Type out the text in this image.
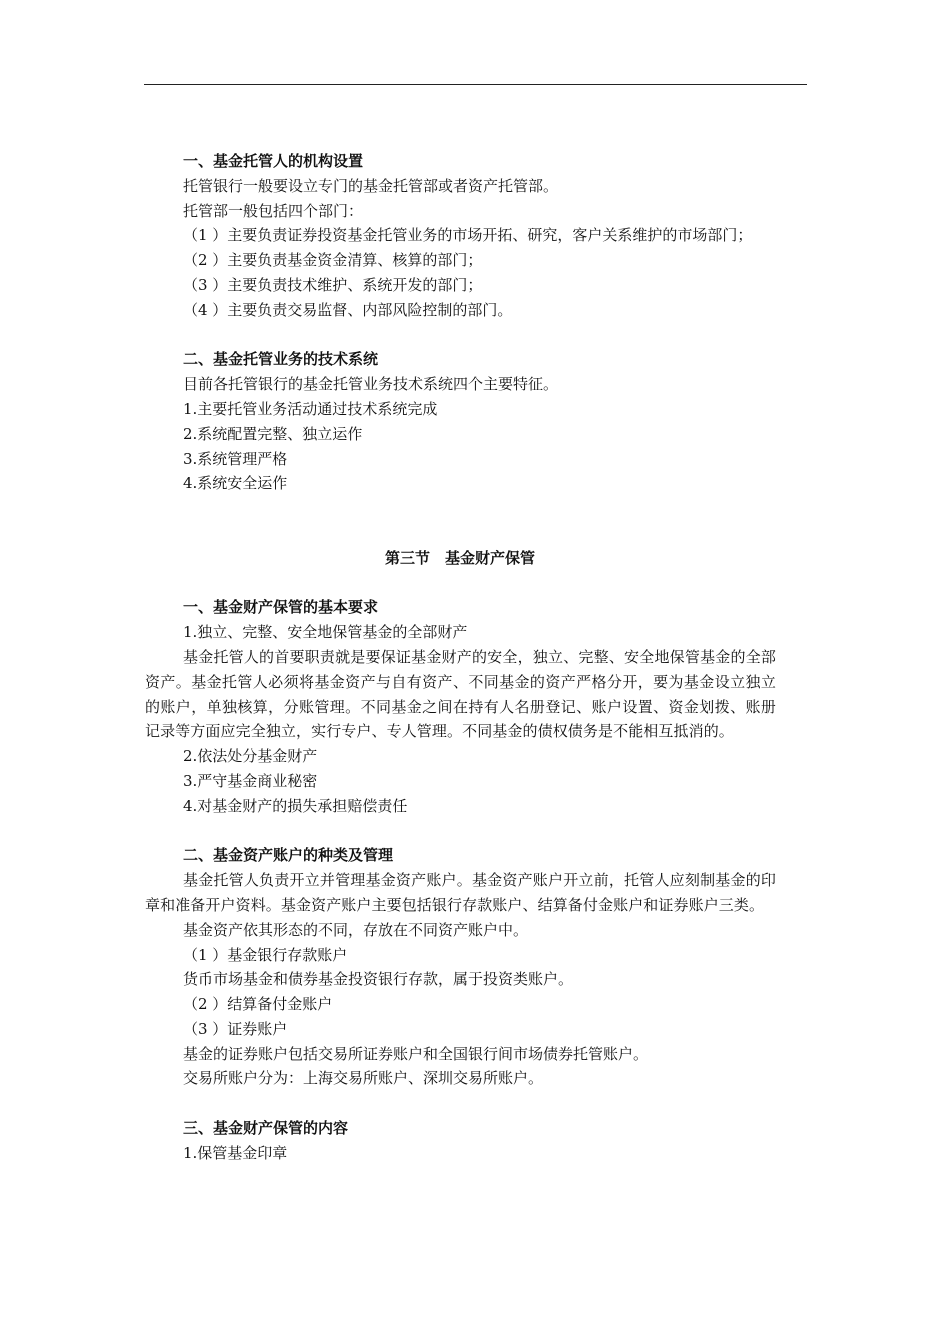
一、基金托管人的机构设置
托管银行一般要设立专门的基金托管部或者资产托管部。
托管部一般包括四个部门：
（1 ）主要负责证券投资基金托管业务的市场开拓、研究，客户关系维护的市场部门；
（2 ）主要负责基金资金清算、核算的部门；
（3 ）主要负责技术维护、系统开发的部门；
（4 ）主要负责交易监督、内部风险控制的部门。
二、基金托管业务的技术系统
目前各托管银行的基金托管业务技术系统四个主要特征。
1.主要托管业务活动通过技术系统完成
2.系统配置完整、独立运作
3.系统管理严格
4.系统安全运作
第三节　基金财产保管
一、基金财产保管的基本要求
1.独立、完整、安全地保管基金的全部财产
基金托管人的首要职责就是要保证基金财产的安全，独立、完整、安全地保管基金的全部资产。基金托管人必须将基金资产与自有资产、不同基金的资产严格分开，要为基金设立独立的账户，单独核算，分账管理。不同基金之间在持有人名册登记、账户设置、资金划拨、账册记录等方面应完全独立，实行专户、专人管理。不同基金的债权债务是不能相互抵消的。
2.依法处分基金财产
3.严守基金商业秘密
4.对基金财产的损失承担赔偿责任
二、基金资产账户的种类及管理
基金托管人负责开立并管理基金资产账户。基金资产账户开立前，托管人应刻制基金的印章和准备开户资料。基金资产账户主要包括银行存款账户、结算备付金账户和证券账户三类。
基金资产依其形态的不同，存放在不同资产账户中。
（1 ）基金银行存款账户
货币市场基金和债券基金投资银行存款，属于投资类账户。
（2 ）结算备付金账户
（3 ）证券账户
基金的证券账户包括交易所证券账户和全国银行间市场债券托管账户。
交易所账户分为：上海交易所账户、深圳交易所账户。
三、基金财产保管的内容
1.保管基金印章
